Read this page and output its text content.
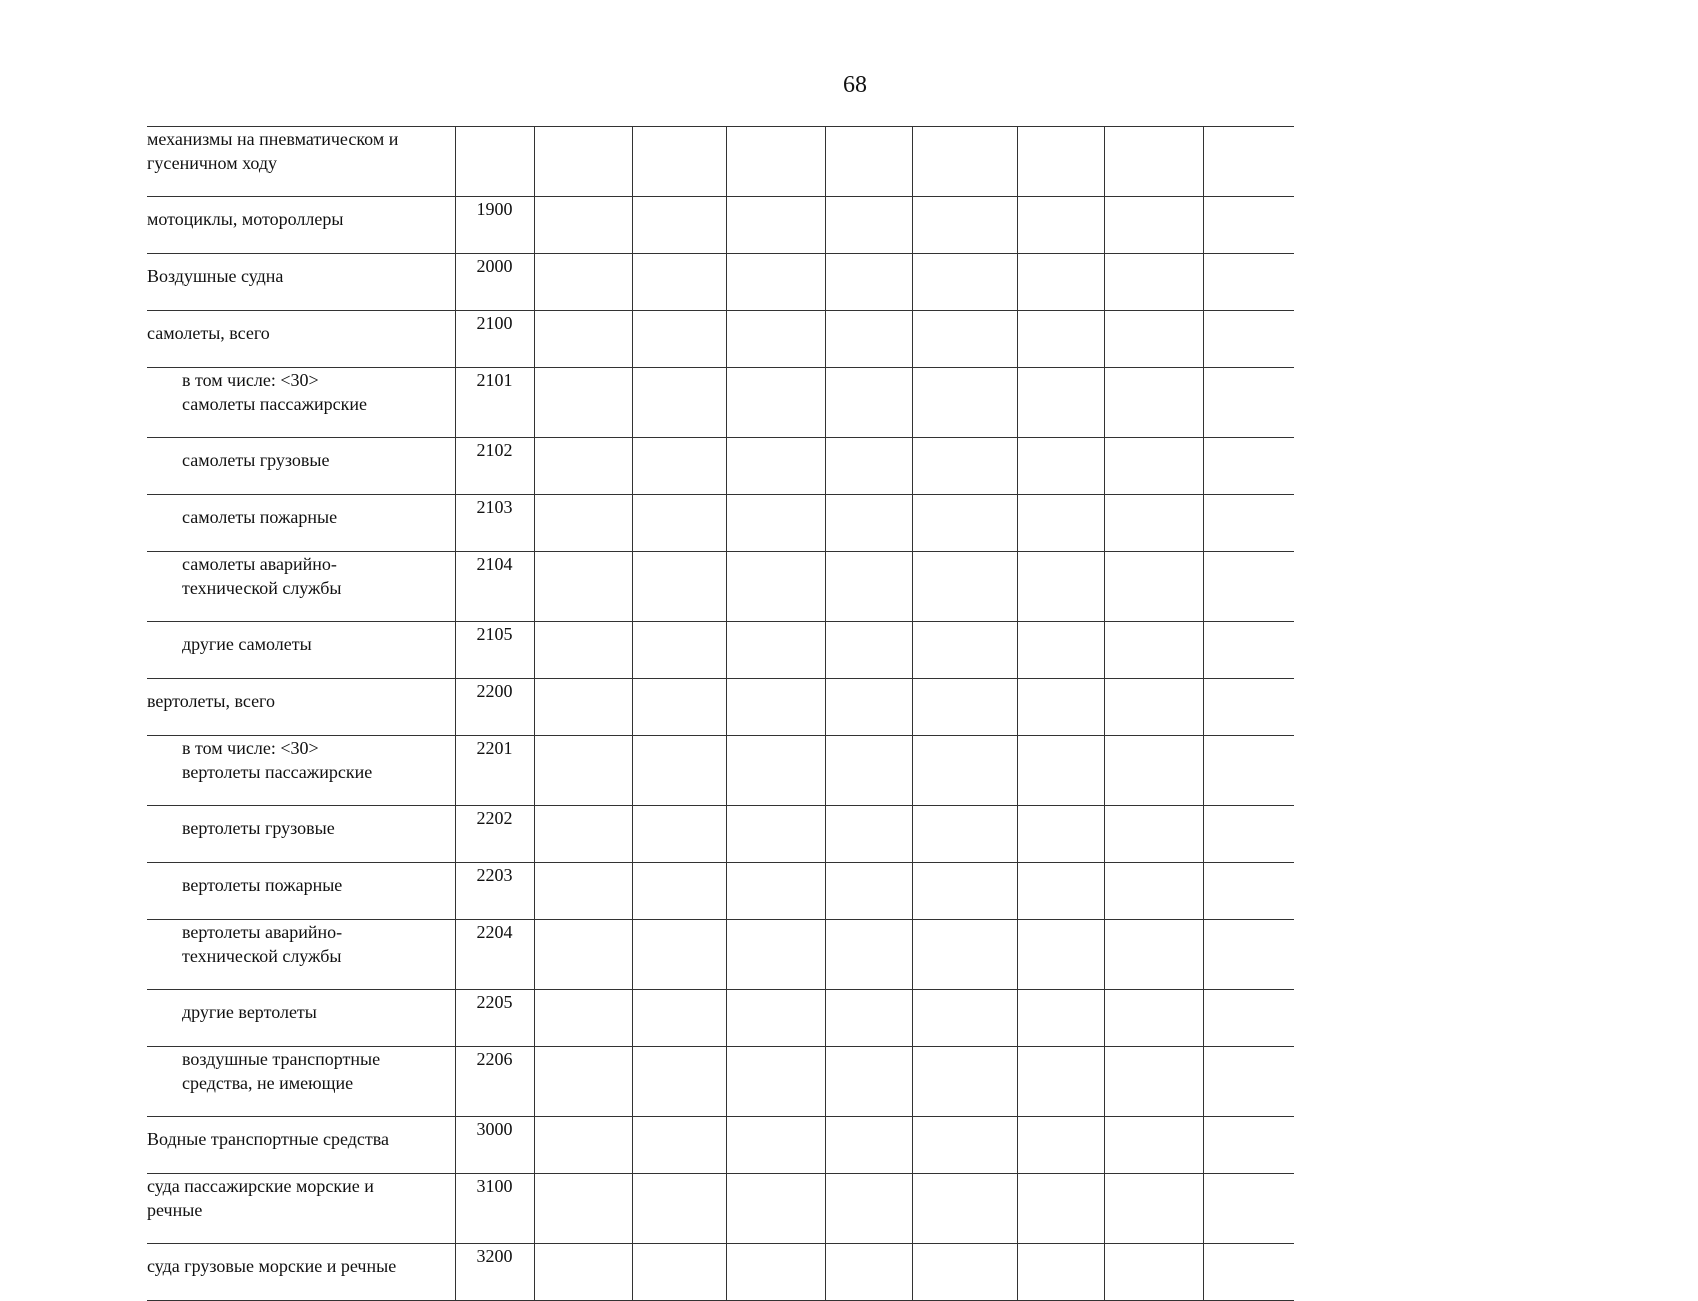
68
механизмы на пневматическом и гусеничном ходу									
мотоциклы, мотороллеры	1900								
Воздушные судна	2000								
самолеты, всего	2100								
в том числе: <30>
самолеты пассажирские	2101								
самолеты грузовые	2102								
самолеты пожарные	2103								
самолеты аварийно-
технической службы	2104								
другие самолеты	2105								
вертолеты, всего	2200								
в том числе: <30>
вертолеты пассажирские	2201								
вертолеты грузовые	2202								
вертолеты пожарные	2203								
вертолеты аварийно-
технической службы	2204								
другие вертолеты	2205								
воздушные транспортные
средства, не имеющие	2206								
Водные транспортные средства	3000								
суда пассажирские морские и
речные	3100								
суда грузовые морские и речные	3200								
